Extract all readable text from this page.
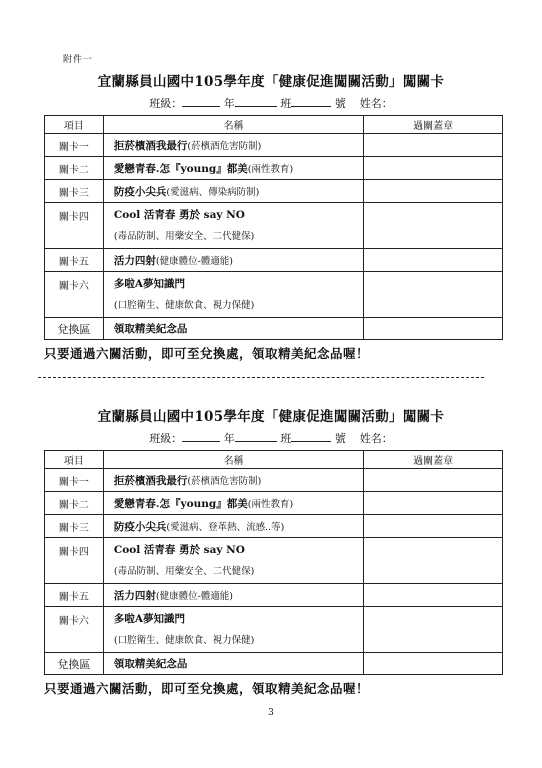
附件一
宜蘭縣員山國中105學年度「健康促進闖關活動」闖關卡
班級：	年	班	號 姓名：
項目	名稱	過關蓋章
關卡一	拒菸檳酒我最行(菸檳酒危害防制)	
關卡二	愛戀青春.怎『young』都美(兩性教育)	
關卡三	防疫小尖兵(愛滋病、傳染病防制)	
關卡四	Cool 活青春 勇於 say NO
(毒品防制、用藥安全、二代健保)	

關卡五	活力四射(健康體位-體適能)	
關卡六	多啦A夢知識門
(口腔衛生、健康飲食、視力保健)	

兌換區	領取精美紀念品	
只要通過六關活動，即可至兌換處，領取精美紀念品喔！
宜蘭縣員山國中105學年度「健康促進闖關活動」闖關卡
班級：	年	班	號 姓名：
項目	名稱	過關蓋章
關卡一	拒菸檳酒我最行(菸檳酒危害防制)	
關卡二	愛戀青春.怎『young』都美(兩性教育)	
關卡三	防疫小尖兵(愛滋病、登革熱、流感..等)	
關卡四	Cool 活青春 勇於 say NO
(毒品防制、用藥安全、二代健保)	

關卡五	活力四射(健康體位-體適能)	
關卡六	多啦A夢知識門
(口腔衛生、健康飲食、視力保健)	

兌換區	領取精美紀念品	
只要通過六關活動，即可至兌換處，領取精美紀念品喔！
3
